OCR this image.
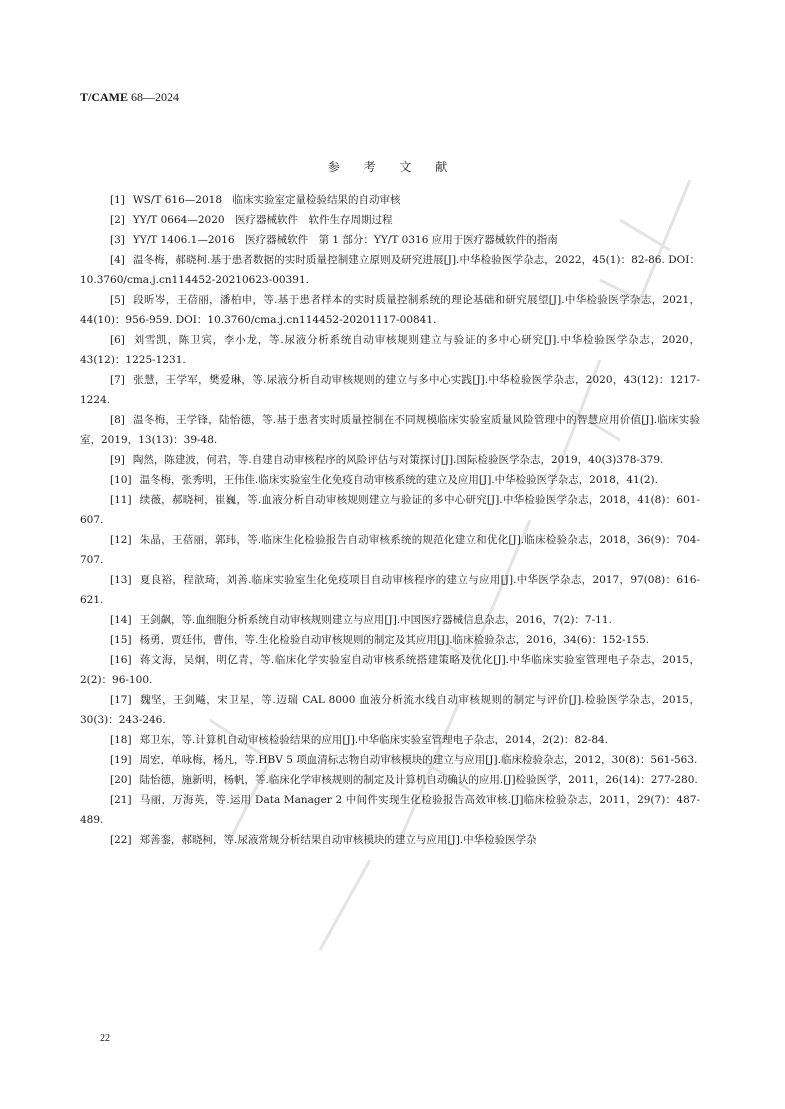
T/CAME 68—2024
参 考 文 献

[1] WS/T 616—2018　临床实验室定量检验结果的自动审核

[2] YY/T 0664—2020　医疗器械软件　软件生存周期过程

[3] YY/T 1406.1—2016　医疗器械软件　第 1 部分：YY/T 0316 应用于医疗器械软件的指南

[4] 温冬梅，郝晓柯.基于患者数据的实时质量控制建立原则及研究进展[J].中华检验医学杂志，2022，45(1)：82-86. DOI：10.3760/cma.j.cn114452-20210623-00391.

[5] 段昕岑，王蓓丽，潘柏申，等.基于患者样本的实时质量控制系统的理论基础和研究展望[J].中华检验医学杂志，2021，44(10)：956-959. DOI：10.3760/cma.j.cn114452-20201117-00841.

[6] 刘雪凯，陈卫宾，李小龙，等.尿液分析系统自动审核规则建立与验证的多中心研究[J].中华检验医学杂志，2020，43(12)：1225-1231.

[7] 张慧，王学军，樊爱琳，等.尿液分析自动审核规则的建立与多中心实践[J].中华检验医学杂志，2020，43(12)：1217-1224.

[8] 温冬梅，王学锋，陆怡德，等.基于患者实时质量控制在不同规模临床实验室质量风险管理中的智慧应用价值[J].临床实验室，2019，13(13)：39-48.

[9] 陶然，陈建波，何君，等.自建自动审核程序的风险评估与对策探讨[J].国际检验医学杂志，2019，40(3)378-379.

[10] 温冬梅，张秀明，王伟佳.临床实验室生化免疫自动审核系统的建立及应用[J].中华检验医学杂志，2018，41(2).

[11] 续薇，郝晓柯，崔巍，等.血液分析自动审核规则建立与验证的多中心研究[J].中华检验医学杂志，2018，41(8)：601-607.

[12] 朱晶，王蓓丽，郭玮，等.临床生化检验报告自动审核系统的规范化建立和优化[J].临床检验杂志，2018，36(9)：704-707.

[13] 夏良裕，程歆琦，刘善.临床实验室生化免疫项目自动审核程序的建立与应用[J].中华医学杂志，2017，97(08)：616-621.

[14] 王剑飙，等.血细胞分析系统自动审核规则建立与应用[J].中国医疗器械信息杂志，2016，7(2)：7-11.

[15] 杨勇，贾廷伟，曹伟，等.生化检验自动审核规则的制定及其应用[J].临床检验杂志，2016，34(6)：152-155.

[16] 蒋文海，吴炯，明亿青，等.临床化学实验室自动审核系统搭建策略及优化[J].中华临床实验室管理电子杂志，2015，2(2)：96-100.

[17] 魏坚，王剑飚，宋卫星，等.迈瑞 CAL 8000 血液分析流水线自动审核规则的制定与评价[J].检验医学杂志，2015，30(3)：243-246.

[18] 郑卫东，等.计算机自动审核检验结果的应用[J].中华临床实验室管理电子杂志，2014，2(2)：82-84.

[19] 周宏，单咏梅，杨凡，等.HBV 5 项血清标志物自动审核模块的建立与应用[J].临床检验杂志，2012，30(8)：561-563.

[20] 陆怡德，施新明，杨帆，等.临床化学审核规则的制定及计算机自动确认的应用.[J]检验医学，2011，26(14)：277-280.

[21] 马丽，万海英，等.运用 Data Manager 2 中间件实现生化检验报告高效审核.[J]临床检验杂志，2011，29(7)：487-489.

[22] 郑善銮，郝晓柯，等.尿液常规分析结果自动审核模块的建立与应用[J].中华检验医学杂

22
